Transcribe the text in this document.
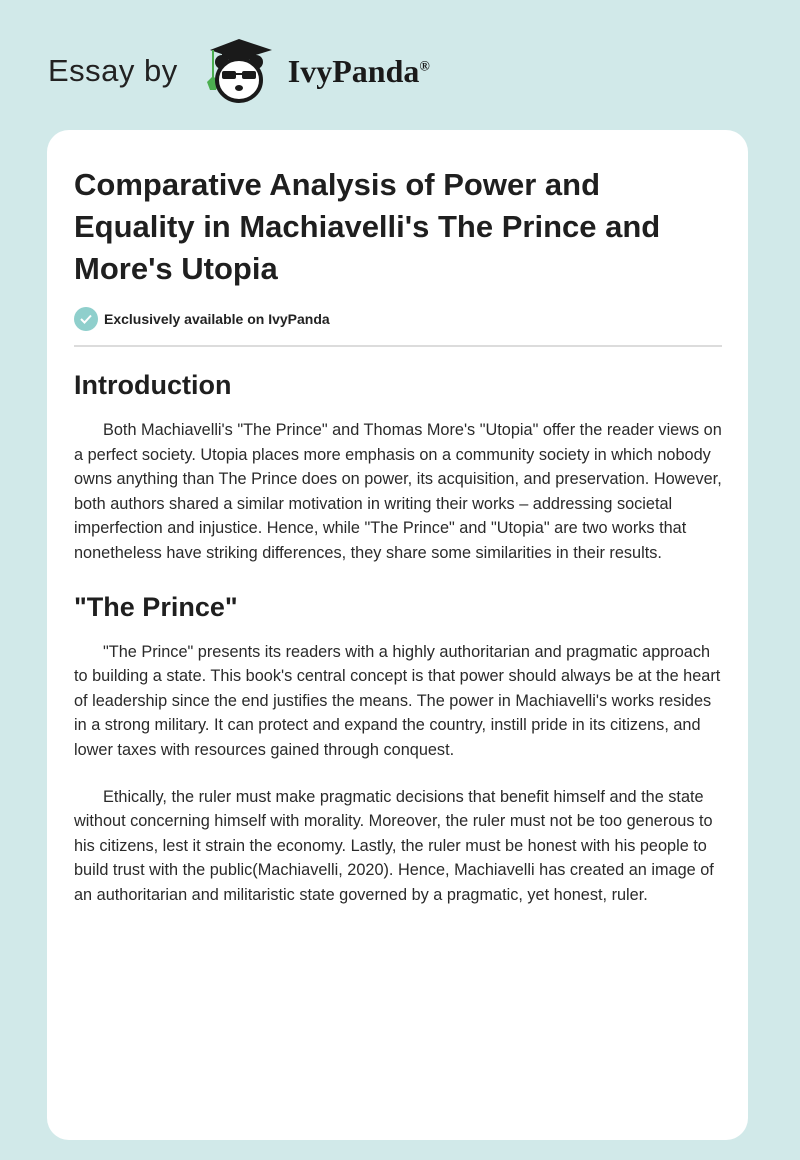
Essay by	IvyPanda®
Comparative Analysis of Power and Equality in Machiavelli's The Prince and More's Utopia
Exclusively available on IvyPanda
Introduction

Both Machiavelli's "The Prince" and Thomas More's "Utopia" offer the reader views on a perfect society. Utopia places more emphasis on a community society in which nobody owns anything than The Prince does on power, its acquisition, and preservation. However, both authors shared a similar motivation in writing their works – addressing societal imperfection and injustice. Hence, while "The Prince" and "Utopia" are two works that nonetheless have striking differences, they share some similarities in their results.

"The Prince"

"The Prince" presents its readers with a highly authoritarian and pragmatic approach to building a state. This book's central concept is that power should always be at the heart of leadership since the end justifies the means. The power in Machiavelli's works resides in a strong military. It can protect and expand the country, instill pride in its citizens, and lower taxes with resources gained through conquest.

Ethically, the ruler must make pragmatic decisions that benefit himself and the state without concerning himself with morality. Moreover, the ruler must not be too generous to his citizens, lest it strain the economy. Lastly, the ruler must be honest with his people to build trust with the public(Machiavelli, 2020). Hence, Machiavelli has created an image of an authoritarian and militaristic state governed by a pragmatic, yet honest, ruler.
